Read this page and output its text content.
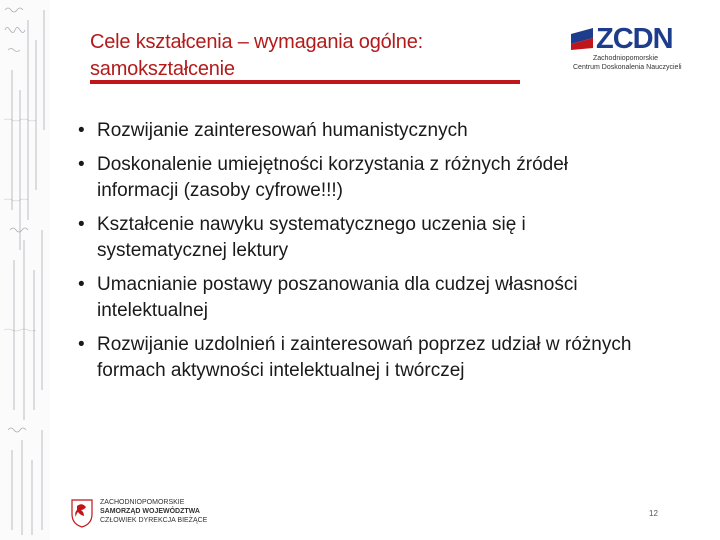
Cele kształcenia – wymagania ogólne:
samokształcenie
ZCDN
Zachodniopomorskie
Centrum Doskonalenia Nauczycieli
• Rozwijanie zainteresowań humanistycznych
• Doskonalenie umiejętności korzystania z różnych źródeł informacji (zasoby cyfrowe!!!)
• Kształcenie nawyku systematycznego uczenia się i systematycznej lektury
• Umacnianie postawy poszanowania dla cudzej własności intelektualnej
• Rozwijanie uzdolnień i zainteresowań poprzez udział w różnych formach aktywności intelektualnej i twórczej
ZACHODNIOPOMORSKIE
SAMORZĄD WOJEWÓDZTWA
CZŁOWIEK DYREKCJA BIEŻĄCE
12
